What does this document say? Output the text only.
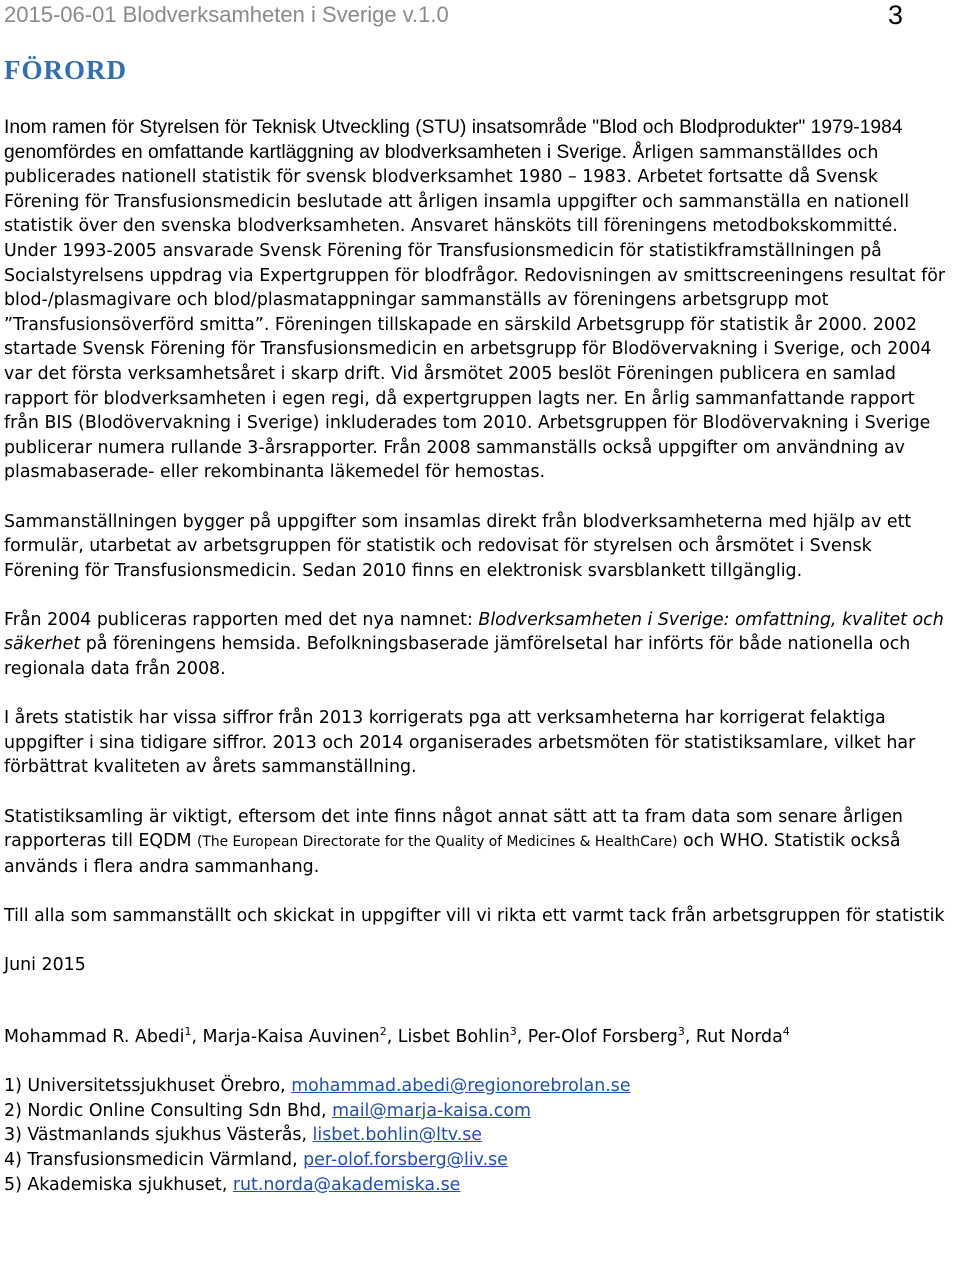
2015-06-01 Blodverksamheten i Sverige v.1.0	3
FÖRORD

Inom ramen för Styrelsen för Teknisk Utveckling (STU) insatsområde "Blod och Blodprodukter" 1979-1984 genomfördes en omfattande kartläggning av blodverksamheten i Sverige. Årligen sammanställdes och publicerades nationell statistik för svensk blodverksamhet 1980 – 1983. Arbetet fortsatte då Svensk Förening för Transfusionsmedicin beslutade att årligen insamla uppgifter och sammanställa en nationell statistik över den svenska blodverksamheten. Ansvaret hänsköts till föreningens metodbokskommitté. Under 1993-2005 ansvarade Svensk Förening för Transfusionsmedicin för statistikframställningen på Socialstyrelsens uppdrag via Expertgruppen för blodfrågor. Redovisningen av smittscreeningens resultat för blod-/plasmagivare och blod/plasmatappningar sammanställs av föreningens arbetsgrupp mot ”Transfusionsöverförd smitta”. Föreningen tillskapade en särskild Arbetsgrupp för statistik år 2000. 2002 startade Svensk Förening för Transfusionsmedicin en arbetsgrupp för Blodövervakning i Sverige, och 2004 var det första verksamhetsåret i skarp drift. Vid årsmötet 2005 beslöt Föreningen publicera en samlad rapport för blodverksamheten i egen regi, då expertgruppen lagts ner. En årlig sammanfattande rapport från BIS (Blodövervakning i Sverige) inkluderades tom 2010. Arbetsgruppen för Blodövervakning i Sverige publicerar numera rullande 3-årsrapporter. Från 2008 sammanställs också uppgifter om användning av plasmabaserade- eller rekombinanta läkemedel för hemostas.

Sammanställningen bygger på uppgifter som insamlas direkt från blodverksamheterna med hjälp av ett formulär, utarbetat av arbetsgruppen för statistik och redovisat för styrelsen och årsmötet i Svensk Förening för Transfusionsmedicin. Sedan 2010 finns en elektronisk svarsblankett tillgänglig.

Från 2004 publiceras rapporten med det nya namnet: Blodverksamheten i Sverige: omfattning, kvalitet och säkerhet på föreningens hemsida. Befolkningsbaserade jämförelsetal har införts för både nationella och regionala data från 2008.

I årets statistik har vissa siffror från 2013 korrigerats pga att verksamheterna har korrigerat felaktiga uppgifter i sina tidigare siffror. 2013 och 2014 organiserades arbetsmöten för statistiksamlare, vilket har förbättrat kvaliteten av årets sammanställning.

Statistiksamling är viktigt, eftersom det inte finns något annat sätt att ta fram data som senare årligen rapporteras till EQDM (The European Directorate for the Quality of Medicines & HealthCare) och WHO. Statistik också används i flera andra sammanhang.

Till alla som sammanställt och skickat in uppgifter vill vi rikta ett varmt tack från arbetsgruppen för statistik

Juni 2015

Mohammad R. Abedi$^1$, Marja-Kaisa Auvinen$^2$, Lisbet Bohlin$^3$, Per-Olof Forsberg$^3$, Rut Norda$^4$

1) Universitetssjukhuset Örebro, mohammad.abedi@regionorebrolan.se

2) Nordic Online Consulting Sdn Bhd, mail@marja-kaisa.com

3) Västmanlands sjukhus Västerås, lisbet.bohlin@ltv.se

4) Transfusionsmedicin Värmland, per-olof.forsberg@liv.se

5) Akademiska sjukhuset, rut.norda@akademiska.se
